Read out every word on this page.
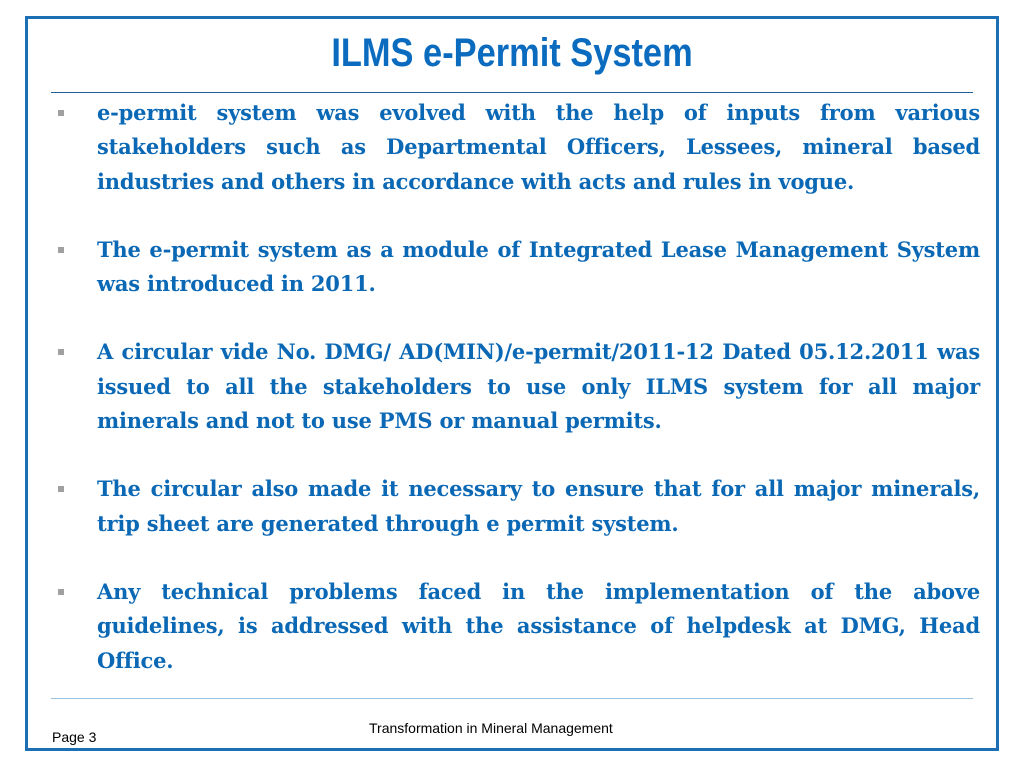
ILMS e-Permit System
e-permit system was evolved with the help of inputs from various stakeholders such as Departmental Officers, Lessees, mineral based industries and others in accordance with acts and rules in vogue.
The e-permit system as a module of Integrated Lease Management System was introduced in 2011.
A circular vide No. DMG/ AD(MIN)/e-permit/2011-12 Dated 05.12.2011 was issued to all the stakeholders to use only ILMS system for all major minerals and not to use PMS or manual permits.
The circular also made it necessary to ensure that for all major minerals, trip sheet are generated through e permit system.
Any technical problems faced in the implementation of the above guidelines, is addressed with the assistance of helpdesk at DMG, Head Office.
Page 3
Transformation in Mineral Management
